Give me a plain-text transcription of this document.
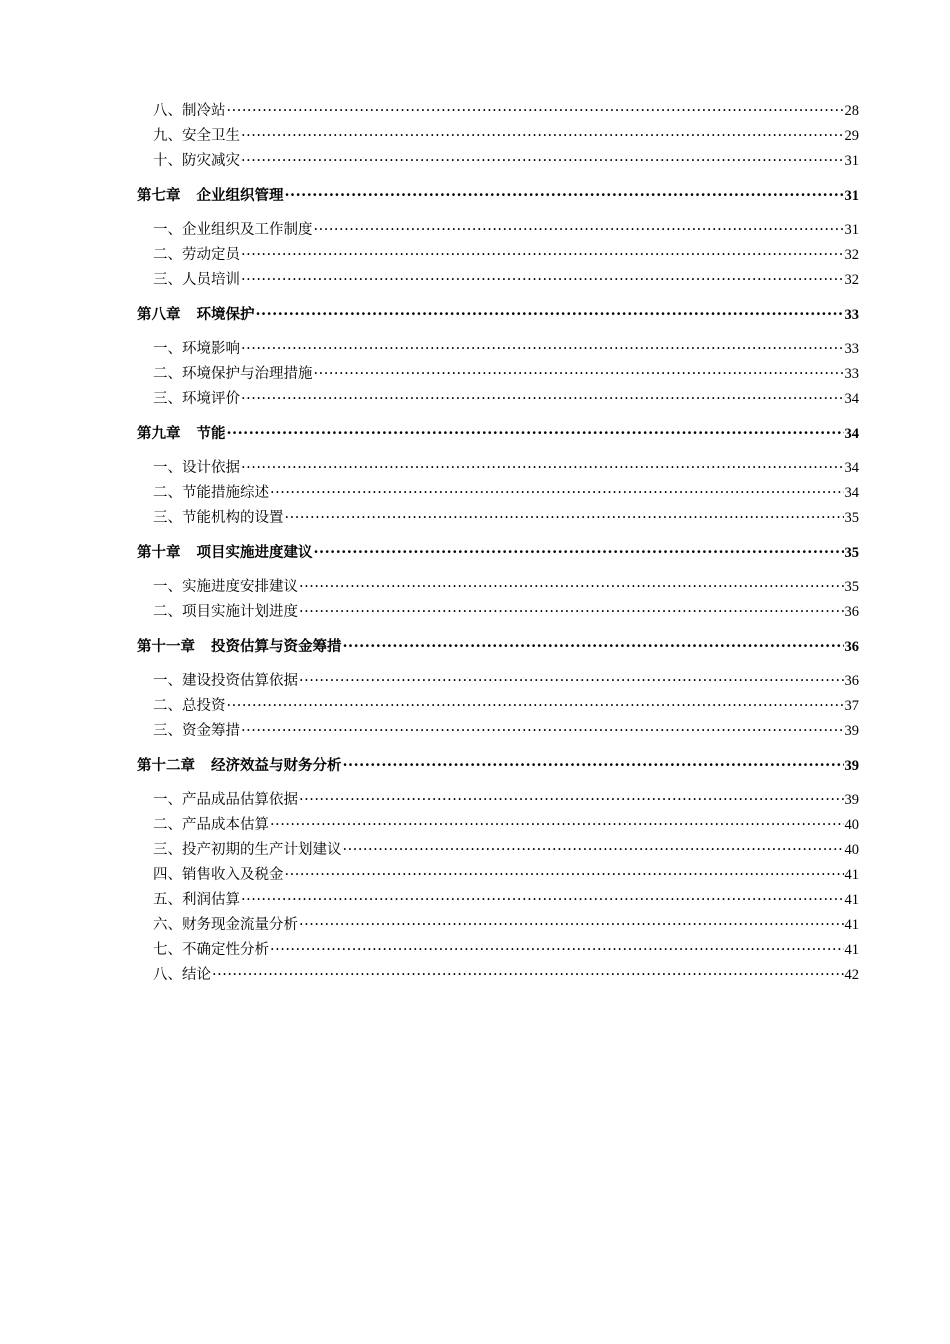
八、制冷站 ·····	28
九、安全卫生 ·····	29
十、防灾减灾 ·····	31
第七章 企业组织管理 ·····	31
一、企业组织及工作制度 ·····	31
二、劳动定员 ·····	32
三、人员培训 ·····	32
第八章 环境保护 ·····	33
一、环境影响 ·····	33
二、环境保护与治理措施 ·····	33
三、环境评价 ·····	34
第九章 节能 ·····	34
一、设计依据 ·····	34
二、节能措施综述 ·····	34
三、节能机构的设置 ·····	35
第十章 项目实施进度建议 ·····	35
一、实施进度安排建议 ·····	35
二、项目实施计划进度 ·····	36
第十一章 投资估算与资金筹措 ·····	36
一、建设投资估算依据 ·····	36
二、总投资 ·····	37
三、资金筹措 ·····	39
第十二章 经济效益与财务分析 ·····	39
一、产品成品估算依据 ·····	39
二、产品成本估算 ·····	40
三、投产初期的生产计划建议 ·····	40
四、销售收入及税金 ·····	41
五、利润估算 ·····	41
六、财务现金流量分析 ·····	41
七、不确定性分析 ·····	41
八、结论 ·····	42
